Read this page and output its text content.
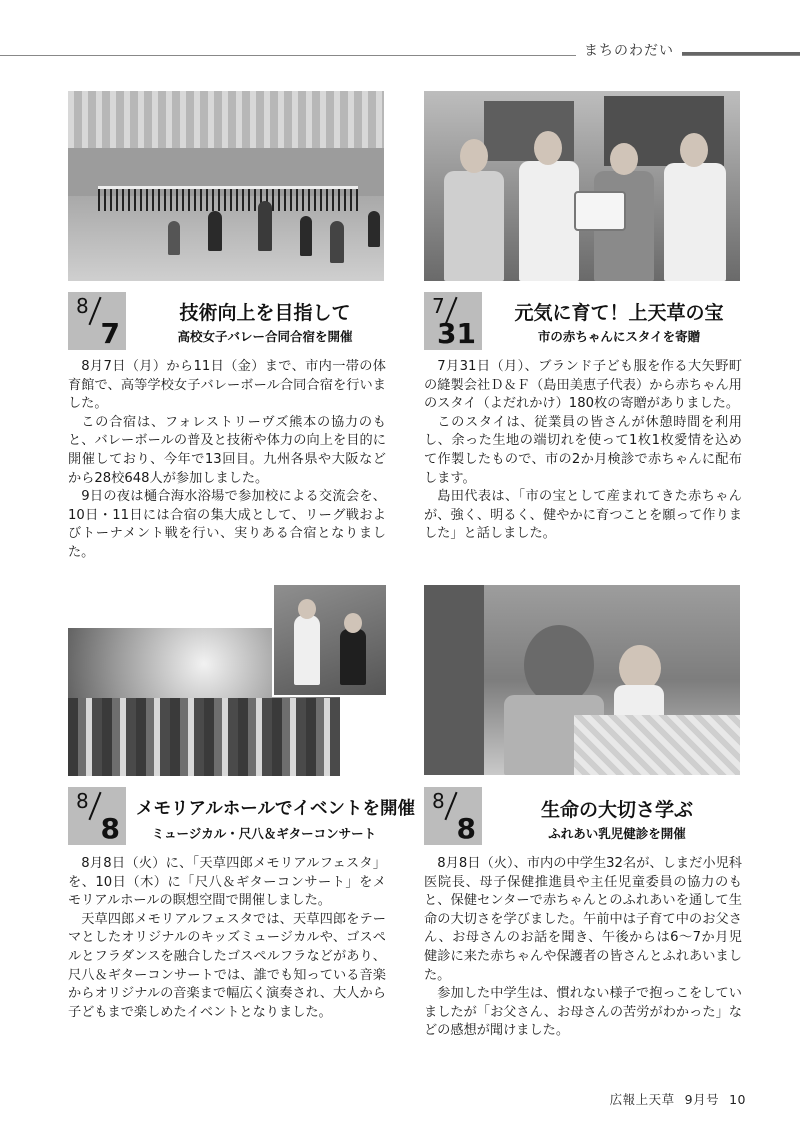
まちのわだい
8
7
技術向上を目指して
高校女子バレー合同合宿を開催

8月7日（月）から11日（金）まで、市内一帯の体育館で、高等学校女子バレーボール合同合宿を行いました。

この合宿は、フォレストリーヴズ熊本の協力のもと、バレーボールの普及と技術や体力の向上を目的に開催しており、今年で13回目。九州各県や大阪などから28校648人が参加しました。

9日の夜は樋合海水浴場で参加校による交流会を、10日・11日には合宿の集大成として、リーグ戦およびトーナメント戦を行い、実りある合宿となりました。

7
31
元気に育て！上天草の宝
市の赤ちゃんにスタイを寄贈

7月31日（月）、ブランド子ども服を作る大矢野町の縫製会社Ｄ＆Ｆ（島田美恵子代表）から赤ちゃん用のスタイ（よだれかけ）180枚の寄贈がありました。

このスタイは、従業員の皆さんが休憩時間を利用し、余った生地の端切れを使って1枚1枚愛情を込めて作製したもので、市の2か月検診で赤ちゃんに配布します。

島田代表は、「市の宝として産まれてきた赤ちゃんが、強く、明るく、健やかに育つことを願って作りました」と話しました。

8
8
メモリアルホールでイベントを開催
ミュージカル・尺八＆ギターコンサート

8月8日（火）に、「天草四郎メモリアルフェスタ」を、10日（木）に「尺八＆ギターコンサート」をメモリアルホールの瞑想空間で開催しました。

天草四郎メモリアルフェスタでは、天草四郎をテーマとしたオリジナルのキッズミュージカルや、ゴスペルとフラダンスを融合したゴスペルフラなどがあり、尺八＆ギターコンサートでは、誰でも知っている音楽からオリジナルの音楽まで幅広く演奏され、大人から子どもまで楽しめたイベントとなりました。

8
8
生命の大切さ学ぶ
ふれあい乳児健診を開催

8月8日（火）、市内の中学生32名が、しまだ小児科医院長、母子保健推進員や主任児童委員の協力のもと、保健センターで赤ちゃんとのふれあいを通して生命の大切さを学びました。午前中は子育て中のお父さん、お母さんのお話を聞き、午後からは6～7か月児健診に来た赤ちゃんや保護者の皆さんとふれあいました。

参加した中学生は、慣れない様子で抱っこをしていましたが「お父さん、お母さんの苦労がわかった」などの感想が聞けました。

広報上天草 9月号 10
